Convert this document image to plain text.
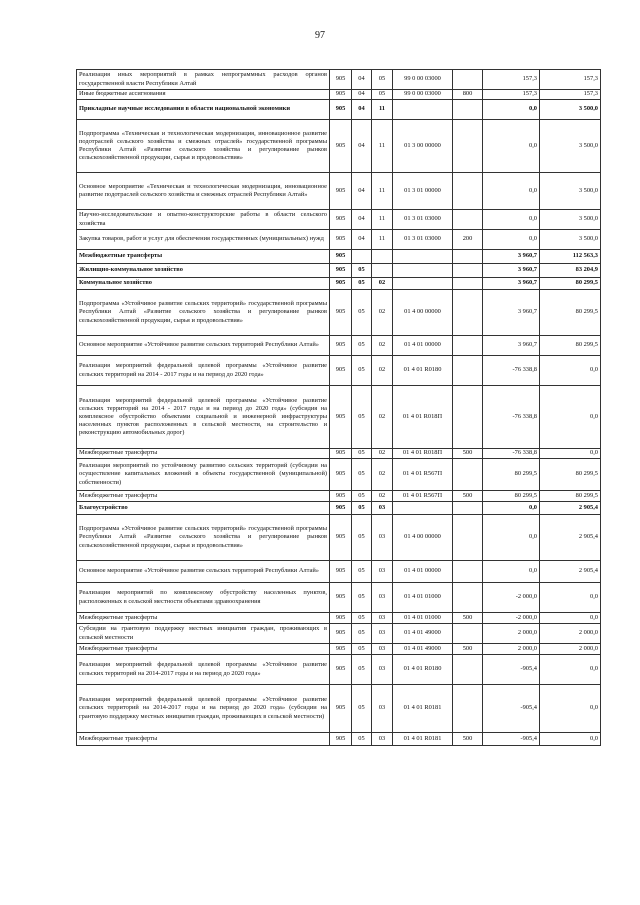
97
Реализация иных мероприятий в рамках непрограммных расходов органов государственной власти Республики Алтай	905	04	05	99 0 00 03000		157,3	157,3
Иные бюджетные ассигнования	905	04	05	99 0 00 03000	800	157,3	157,3
Прикладные научные исследования в области национальной экономики	905	04	11			0,0	3 500,0
Подпрограмма «Техническая и технологическая модернизация, инновационное развитие подотраслей сельского хозяйства и смежных отраслей» государственной программы Республики Алтай «Развитие сельского хозяйства и регулирование рынков сельскохозяйственной продукции, сырья и продовольствия»	905	04	11	01 3 00 00000		0,0	3 500,0
Основное мероприятие «Техническая и технологическая модернизация, инновационное развитие подотраслей сельского хозяйства и смежных отраслей Республики Алтай»	905	04	11	01 3 01 00000		0,0	3 500,0
Научно-исследовательские и опытно-конструкторские работы в области сельского хозяйства	905	04	11	01 3 01 03000		0,0	3 500,0
Закупка товаров, работ и услуг для обеспечения государственных (муниципальных) нужд	905	04	11	01 3 01 03000	200	0,0	3 500,0
Межбюджетные трансферты	905					3 960,7	112 563,3
Жилищно-коммунальное хозяйство	905	05				3 960,7	83 204,9
Коммунальное хозяйство	905	05	02			3 960,7	80 299,5
Подпрограмма «Устойчивое развитие сельских территорий» государственной программы Республики Алтай «Развитие сельского хозяйства и регулирование рынков сельскохозяйственной продукции, сырья и продовольствия»	905	05	02	01 4 00 00000		3 960,7	80 299,5
Основное мероприятие «Устойчивое развитие сельских территорий Республики Алтай»	905	05	02	01 4 01 00000		3 960,7	80 299,5
Реализация мероприятий федеральной целевой программы «Устойчивое развитие сельских территорий на 2014 - 2017 годы и на период до 2020 года»	905	05	02	01 4 01 R0180		-76 338,8	0,0
Реализация мероприятий федеральной целевой программы «Устойчивое развитие сельских территорий на 2014 - 2017 годы и на период до 2020 года» (субсидия на комплексное обустройство объектами социальной и инженерной инфраструктуры населенных пунктов расположенных в сельской местности, на строительство и реконструкцию автомобильных дорог)	905	05	02	01 4 01 R018П		-76 338,8	0,0
Межбюджетные трансферты	905	05	02	01 4 01 R018П	500	-76 338,8	0,0
Реализация мероприятий по устойчивому развитию сельских территорий (субсидии на осуществление капитальных вложений в объекты государственной (муниципальной) собственности)	905	05	02	01 4 01 R567П		80 299,5	80 299,5
Межбюджетные трансферты	905	05	02	01 4 01 R567П	500	80 299,5	80 299,5
Благоустройство	905	05	03			0,0	2 905,4
Подпрограмма «Устойчивое развитие сельских территорий» государственной программы Республики Алтай «Развитие сельского хозяйства и регулирование рынков сельскохозяйственной продукции, сырья и продовольствия»	905	05	03	01 4 00 00000		0,0	2 905,4
Основное мероприятие «Устойчивое развитие сельских территорий Республики Алтай»	905	05	03	01 4 01 00000		0,0	2 905,4
Реализация мероприятий по комплексному обустройству населенных пунктов, расположенных в сельской местности объектами здравоохранения	905	05	03	01 4 01 01000		-2 000,0	0,0
Межбюджетные трансферты	905	05	03	01 4 01 01000	500	-2 000,0	0,0
Субсидии на грантовую поддержку местных инициатив граждан, проживающих в сельской местности	905	05	03	01 4 01 49000		2 000,0	2 000,0
Межбюджетные трансферты	905	05	03	01 4 01 49000	500	2 000,0	2 000,0
Реализация мероприятий федеральной целевой программы «Устойчивое развитие сельских территорий на 2014-2017 годы и на период до 2020 года»	905	05	03	01 4 01 R0180		-905,4	0,0
Реализация мероприятий федеральной целевой программы «Устойчивое развитие сельских территорий на 2014-2017 годы и на период до 2020 года» (субсидии на грантовую поддержку местных инициатив граждан, проживающих в сельской местности)	905	05	03	01 4 01 R0181		-905,4	0,0
Межбюджетные трансферты	905	05	03	01 4 01 R0181	500	-905,4	0,0
